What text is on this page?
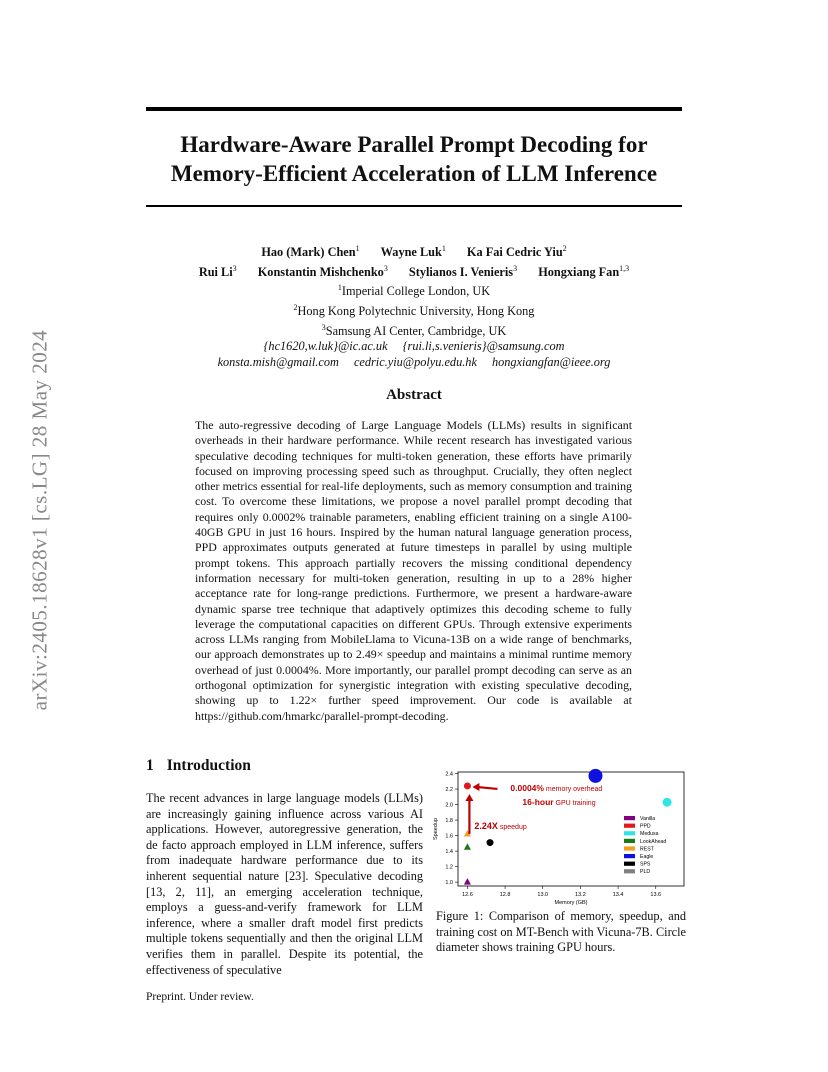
arXiv:2405.18628v1 [cs.LG] 28 May 2024
Hardware-Aware Parallel Prompt Decoding for
Memory-Efficient Acceleration of LLM Inference
Hao (Mark) Chen$^1$ Wayne Luk$^1$ Ka Fai Cedric Yiu$^2$
Rui Li$^3$ Konstantin Mishchenko$^3$ Stylianos I. Venieris$^3$ Hongxiang Fan$^{1,3}$
$^1$Imperial College London, UK
$^2$Hong Kong Polytechnic University, Hong Kong
$^3$Samsung AI Center, Cambridge, UK
{hc1620,w.luk}@ic.ac.uk {rui.li,s.venieris}@samsung.com
konsta.mish@gmail.com cedric.yiu@polyu.edu.hk hongxiangfan@ieee.org
Abstract

The auto-regressive decoding of Large Language Models (LLMs) results in significant overheads in their hardware performance. While recent research has investigated various speculative decoding techniques for multi-token generation, these efforts have primarily focused on improving processing speed such as throughput. Crucially, they often neglect other metrics essential for real-life deployments, such as memory consumption and training cost. To overcome these limitations, we propose a novel parallel prompt decoding that requires only 0.0002% trainable parameters, enabling efficient training on a single A100-40GB GPU in just 16 hours. Inspired by the human natural language generation process, PPD approximates outputs generated at future timesteps in parallel by using multiple prompt tokens. This approach partially recovers the missing conditional dependency information necessary for multi-token generation, resulting in up to a 28% higher acceptance rate for long-range predictions. Furthermore, we present a hardware-aware dynamic sparse tree technique that adaptively optimizes this decoding scheme to fully leverage the computational capacities on different GPUs. Through extensive experiments across LLMs ranging from MobileLlama to Vicuna-13B on a wide range of benchmarks, our approach demonstrates up to 2.49× speedup and maintains a minimal runtime memory overhead of just 0.0004%. More importantly, our parallel prompt decoding can serve as an orthogonal optimization for synergistic integration with existing speculative decoding, showing up to 1.22× further speed improvement. Our code is available at https://github.com/hmarkc/parallel-prompt-decoding.

1 Introduction

The recent advances in large language models (LLMs) are increasingly gaining influence across various AI applications. However, autoregressive generation, the de facto approach employed in LLM inference, suffers from inadequate hardware performance due to its inherent sequential nature [23]. Speculative decoding [13, 2, 11], an emerging acceleration technique, employs a guess-and-verify framework for LLM inference, where a smaller draft model first predicts multiple tokens sequentially and then the original LLM verifies them in parallel. Despite its potential, the effectiveness of speculative

12.6	12.8	13.0	13.2	13.4	13.6
1.0
1.2
1.4
1.6
1.8
2.0
2.2
2.4
Memory (GB)
Speedup
0.0004% memory overhead
16-hour GPU training
2.24X speedup
Vanilla
PPD
Medusa
LookAhead
REST
Eagle
SPS
PLD
Figure 1: Comparison of memory, speedup, and training cost on MT-Bench with Vicuna-7B. Circle diameter shows training GPU hours.
Preprint. Under review.
